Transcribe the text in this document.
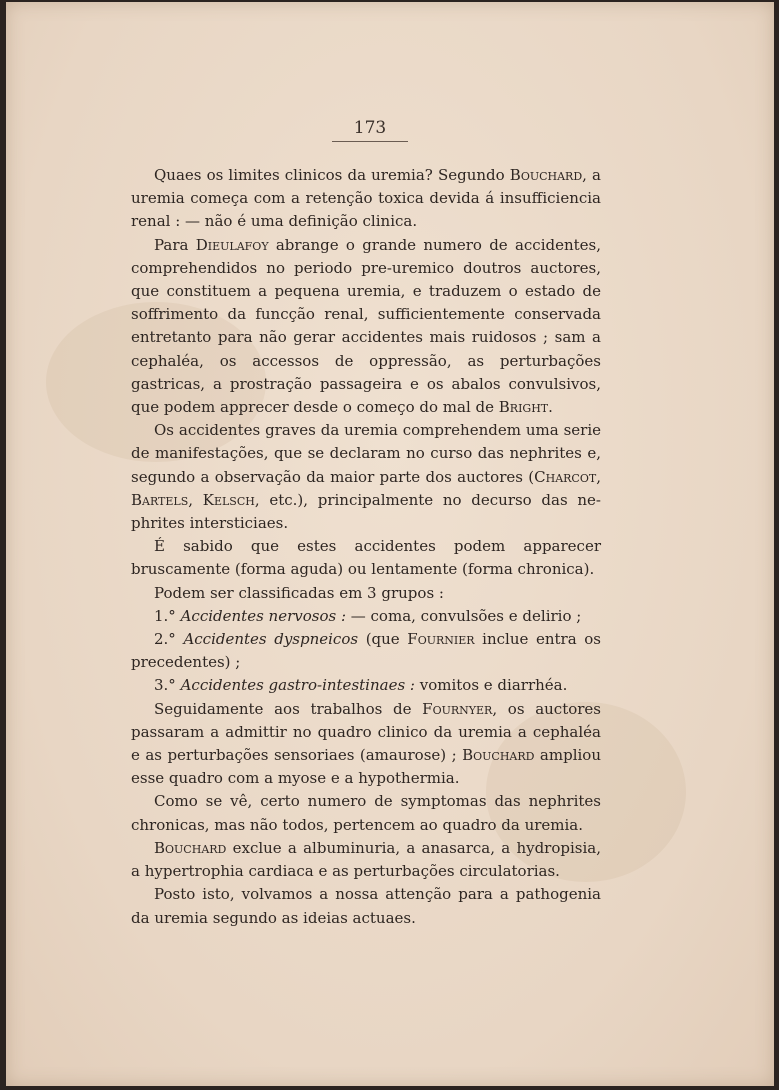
173

Quaes os limites clinicos da uremia? Segundo Bouchard, a uremia começa com a retenção toxica devida á insufficiencia renal : — não é uma definição clinica.

Para Dieulafoy abrange o grande numero de accidentes, comprehendidos no periodo pre-uremico doutros auctores, que constituem a pequena uremia, e traduzem o estado de soffrimento da funcção renal, sufficientemente conservada entretanto para não gerar accidentes mais ruidosos ; sam a cephaléa, os accessos de oppressão, as perturbações gastricas, a prostração passageira e os abalos convulsivos, que podem apprecer desde o começo do mal de Bright.

Os accidentes graves da uremia comprehendem uma serie de manifestações, que se declaram no curso das nephrites e, segundo a observação da maior parte dos auctores (Charcot, Bartels, Kelsch, etc.), principalmente no decurso das nephrites intersticiaes.

É sabido que estes accidentes podem apparecer bruscamente (forma aguda) ou lentamente (forma chronica).

Podem ser classificadas em 3 grupos :

1.° Accidentes nervosos : — coma, convulsões e delirio ;

2.° Accidentes dyspneicos (que Fournier inclue entra os precedentes) ;

3.° Accidentes gastro-intestinaes : vomitos e diarrhéa.

Seguidamente aos trabalhos de Fournyer, os auctores passaram a admittir no quadro clinico da uremia a cephaléa e as perturbações sensoriaes (amaurose) ; Bouchard ampliou esse quadro com a myose e a hypothermia.

Como se vê, certo numero de symptomas das nephrites chronicas, mas não todos, pertencem ao quadro da uremia.

Bouchard exclue a albuminuria, a anasarca, a hydropisia, a hypertrophia cardiaca e as perturbações circulatorias.

Posto isto, volvamos a nossa attenção para a pathogenia da uremia segundo as ideias actuaes.
